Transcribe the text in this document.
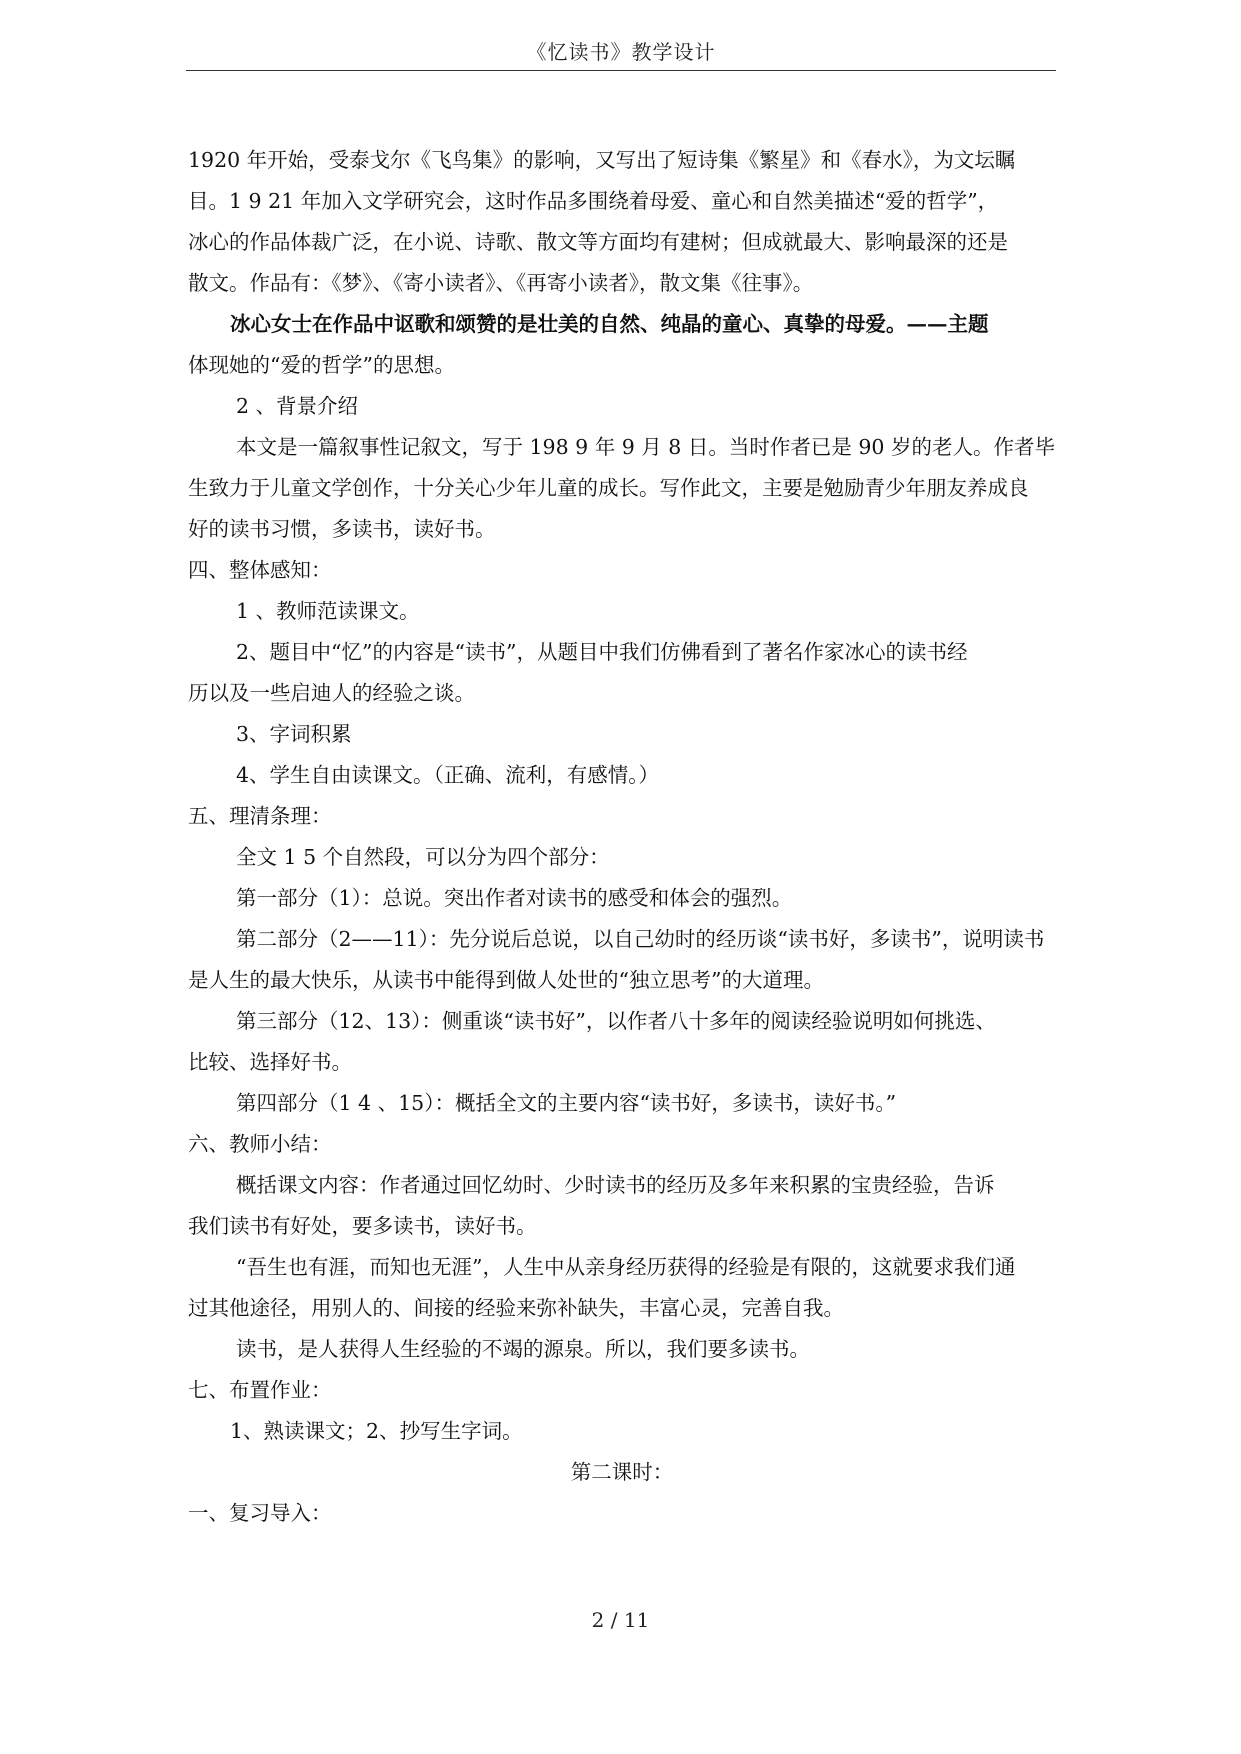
《忆读书》教学设计
1920 年开始，受泰戈尔《飞鸟集》的影响，又写出了短诗集《繁星》和《春水》，为文坛瞩
目。1 9 21 年加入文学研究会，这时作品多围绕着母爱、童心和自然美描述“爱的哲学”，
冰心的作品体裁广泛，在小说、诗歌、散文等方面均有建树；但成就最大、影响最深的还是
散文。作品有：《梦》、《寄小读者》、《再寄小读者》，散文集《往事》。
冰心女士在作品中讴歌和颂赞的是壮美的自然、纯晶的童心、真挚的母爱。——主题
体现她的“爱的哲学”的思想。
2 、背景介绍
本文是一篇叙事性记叙文，写于 198 9 年 9 月 8 日。当时作者已是 90 岁的老人。作者毕
生致力于儿童文学创作，十分关心少年儿童的成长。写作此文，主要是勉励青少年朋友养成良
好的读书习惯，多读书，读好书。
四、整体感知：
1 、教师范读课文。
2、题目中“忆”的内容是“读书”，从题目中我们仿佛看到了著名作家冰心的读书经
历以及一些启迪人的经验之谈。
3、字词积累
4、学生自由读课文。（正确、流利，有感情。）
五、理清条理：
全文 1 5 个自然段，可以分为四个部分：
第一部分（1）：总说。突出作者对读书的感受和体会的强烈。
第二部分（2——11）：先分说后总说，以自己幼时的经历谈“读书好，多读书”，说明读书
是人生的最大快乐，从读书中能得到做人处世的“独立思考”的大道理。
第三部分（12、13）：侧重谈“读书好”，以作者八十多年的阅读经验说明如何挑选、
比较、选择好书。
第四部分（1 4 、15）：概括全文的主要内容“读书好，多读书，读好书。”
六、教师小结：
概括课文内容：作者通过回忆幼时、少时读书的经历及多年来积累的宝贵经验，告诉
我们读书有好处，要多读书，读好书。
“吾生也有涯，而知也无涯”，人生中从亲身经历获得的经验是有限的，这就要求我们通
过其他途径，用别人的、间接的经验来弥补缺失，丰富心灵，完善自我。
读书，是人获得人生经验的不竭的源泉。所以，我们要多读书。
七、布置作业：
1、熟读课文；2、抄写生字词。
第二课时：
一、复习导入：
2 / 11
